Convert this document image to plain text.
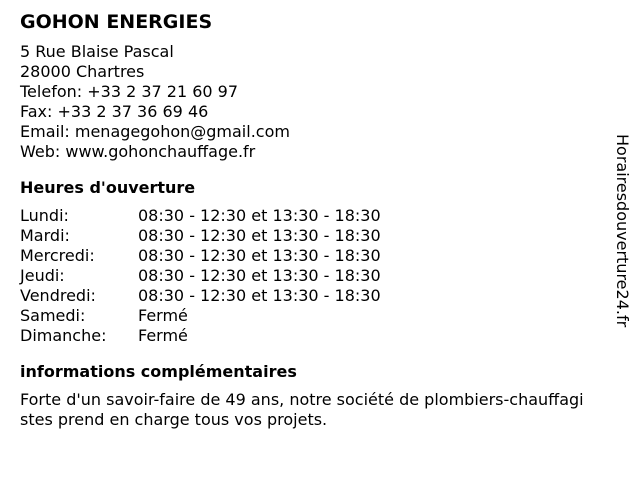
GOHON ENERGIES
5 Rue Blaise Pascal
28000 Chartres
Telefon: +33 2 37 21 60 97
Fax: +33 2 37 36 69 46
Email: menagegohon@gmail.com
Web: www.gohonchauffage.fr
Heures d'ouverture
Lundi:	08:30 - 12:30 et 13:30 - 18:30
Mardi:	08:30 - 12:30 et 13:30 - 18:30
Mercredi:	08:30 - 12:30 et 13:30 - 18:30
Jeudi:	08:30 - 12:30 et 13:30 - 18:30
Vendredi:	08:30 - 12:30 et 13:30 - 18:30
Samedi:	Fermé
Dimanche:	Fermé
informations complémentaires
Forte d'un savoir-faire de 49 ans, notre société de plombiers-chauffagistes prend en charge tous vos projets.
Horairesdouverture24.fr
